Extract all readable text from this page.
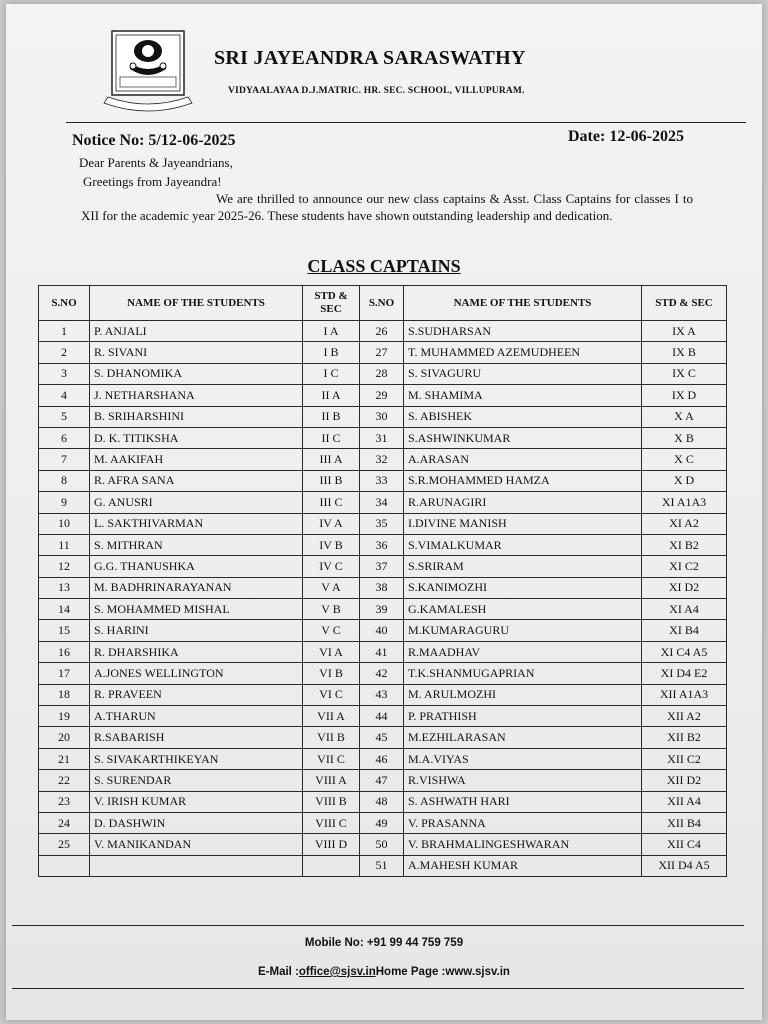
SRI JAYEANDRA SARASWATHY
VIDYAALAYAA D.J.MATRIC. HR. SEC. SCHOOL, VILLUPURAM.
Notice No: 5/12-06-2025	Date: 12-06-2025
Dear Parents & Jayeandrians,
Greetings from Jayeandra!
We are thrilled to announce our new class captains & Asst. Class Captains for classes I to XII for the academic year 2025-26. These students have shown outstanding leadership and dedication.
CLASS CAPTAINS
S.NO	NAME OF THE STUDENTS	STD & SEC	S.NO	NAME OF THE STUDENTS	STD & SEC
1	P. ANJALI	I A	26	S.SUDHARSAN	IX A
2	R. SIVANI	I B	27	T. MUHAMMED AZEMUDHEEN	IX B
3	S. DHANOMIKA	I C	28	S. SIVAGURU	IX C
4	J. NETHARSHANA	II A	29	M. SHAMIMA	IX D
5	B. SRIHARSHINI	II B	30	S. ABISHEK	X A
6	D. K. TITIKSHA	II C	31	S.ASHWINKUMAR	X B
7	M. AAKIFAH	III A	32	A.ARASAN	X C
8	R. AFRA SANA	III B	33	S.R.MOHAMMED HAMZA	X D
9	G. ANUSRI	III C	34	R.ARUNAGIRI	XI A1A3
10	L. SAKTHIVARMAN	IV A	35	I.DIVINE MANISH	XI A2
11	S. MITHRAN	IV B	36	S.VIMALKUMAR	XI B2
12	G.G. THANUSHKA	IV C	37	S.SRIRAM	XI C2
13	M. BADHRINARAYANAN	V A	38	S.KANIMOZHI	XI D2
14	S. MOHAMMED MISHAL	V B	39	G.KAMALESH	XI A4
15	S. HARINI	V C	40	M.KUMARAGURU	XI B4
16	R. DHARSHIKA	VI A	41	R.MAADHAV	XI C4 A5
17	A.JONES WELLINGTON	VI B	42	T.K.SHANMUGAPRIAN	XI D4 E2
18	R. PRAVEEN	VI C	43	M. ARULMOZHI	XII A1A3
19	A.THARUN	VII A	44	P. PRATHISH	XII A2
20	R.SABARISH	VII B	45	M.EZHILARASAN	XII B2
21	S. SIVAKARTHIKEYAN	VII C	46	M.A.VIYAS	XII C2
22	S. SURENDAR	VIII A	47	R.VISHWA	XII D2
23	V. IRISH KUMAR	VIII B	48	S. ASHWATH HARI	XII A4
24	D. DASHWIN	VIII C	49	V. PRASANNA	XII B4
25	V. MANIKANDAN	VIII D	50	V. BRAHMALINGESHWARAN	XII C4
			51	A.MAHESH KUMAR	XII D4 A5
Mobile No: +91 99 44 759 759
E-Mail :office@sjsv.inHome Page :www.sjsv.in
